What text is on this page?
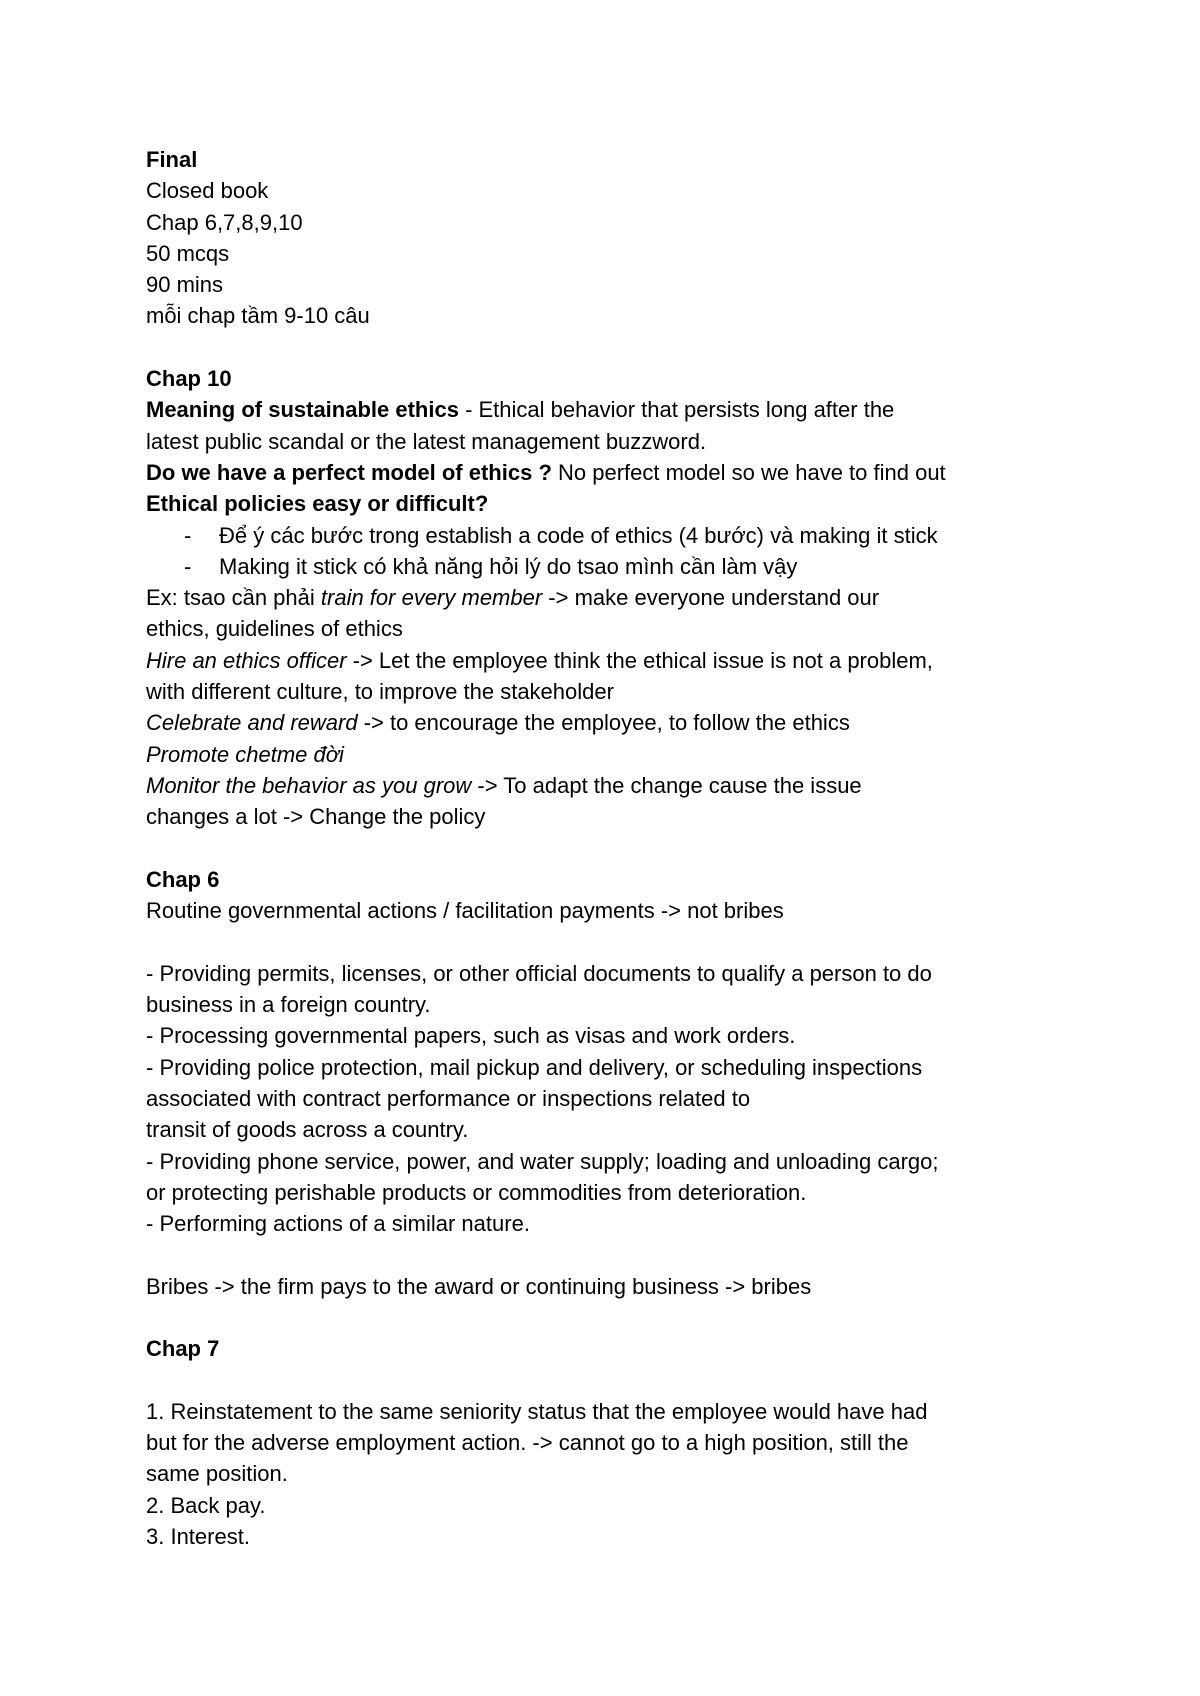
Final
Closed book
Chap 6,7,8,9,10
50 mcqs
90 mins
mỗi chap tầm 9-10 câu
Chap 10
Meaning of sustainable ethics - Ethical behavior that persists long after the
latest public scandal or the latest management buzzword.
Do we have a perfect model of ethics ? No perfect model so we have to find out
Ethical policies easy or difficult?
- Để ý các bước trong establish a code of ethics (4 bước) và making it stick
- Making it stick có khả năng hỏi lý do tsao mình cần làm vậy
Ex: tsao cần phải train for every member -> make everyone understand our
ethics, guidelines of ethics
Hire an ethics officer -> Let the employee think the ethical issue is not a problem,
with different culture, to improve the stakeholder
Celebrate and reward -> to encourage the employee, to follow the ethics
Promote chetme đời
Monitor the behavior as you grow -> To adapt the change cause the issue
changes a lot -> Change the policy
Chap 6
Routine governmental actions / facilitation payments -> not bribes
- Providing permits, licenses, or other official documents to qualify a person to do
business in a foreign country.
- Processing governmental papers, such as visas and work orders.
- Providing police protection, mail pickup and delivery, or scheduling inspections
associated with contract performance or inspections related to
transit of goods across a country.
- Providing phone service, power, and water supply; loading and unloading cargo;
or protecting perishable products or commodities from deterioration.
- Performing actions of a similar nature.
Bribes -> the firm pays to the award or continuing business -> bribes
Chap 7
1. Reinstatement to the same seniority status that the employee would have had
but for the adverse employment action. -> cannot go to a high position, still the
same position.
2. Back pay.
3. Interest.
